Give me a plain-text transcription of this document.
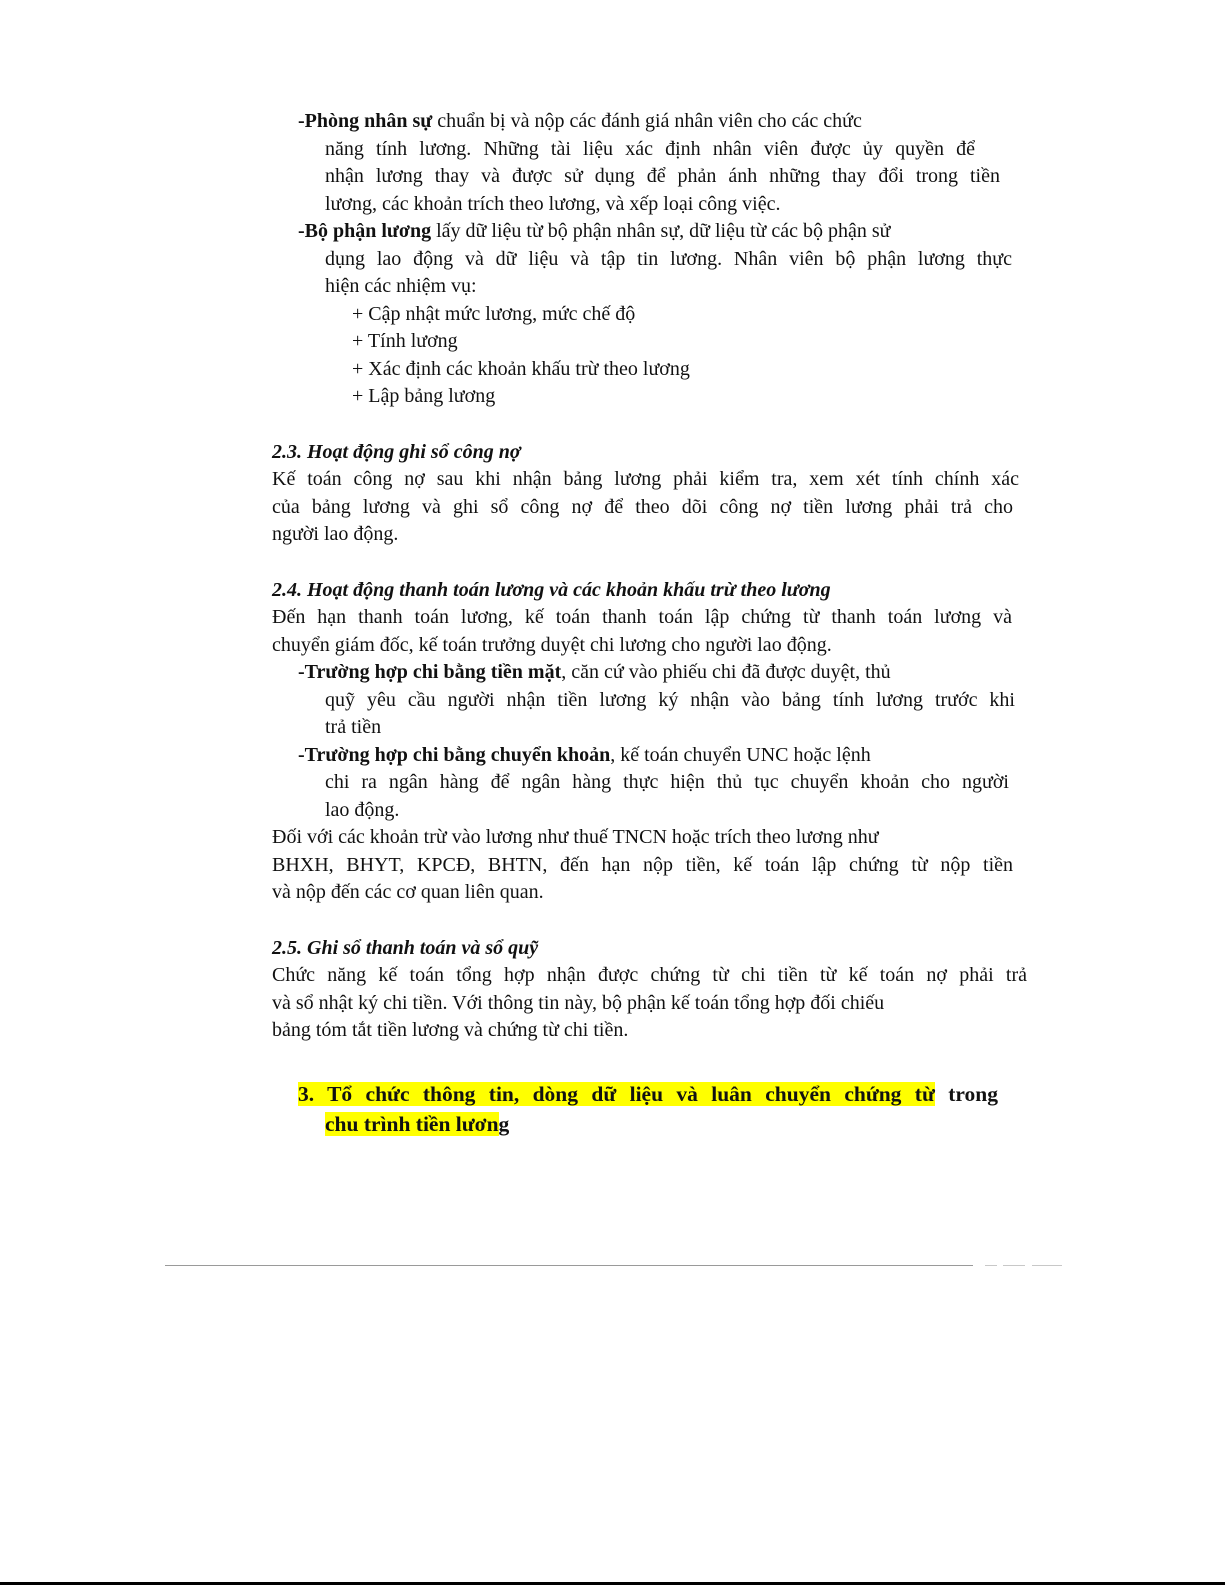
-Phòng nhân sự chuẩn bị và nộp các đánh giá nhân viên cho các chức
năng tính lương. Những tài liệu xác định nhân viên được ủy quyền để
nhận lương thay và được sử dụng để phản ánh những thay đổi trong tiền
lương, các khoản trích theo lương, và xếp loại công việc.
-Bộ phận lương lấy dữ liệu từ bộ phận nhân sự, dữ liệu từ các bộ phận sử
dụng lao động và dữ liệu và tập tin lương. Nhân viên bộ phận lương thực
hiện các nhiệm vụ:
+ Cập nhật mức lương, mức chế độ
+ Tính lương
+ Xác định các khoản khấu trừ theo lương
+ Lập bảng lương
2.3. Hoạt động ghi sổ công nợ
Kế toán công nợ sau khi nhận bảng lương phải kiểm tra, xem xét tính chính xác
của bảng lương và ghi sổ công nợ để theo dõi công nợ tiền lương phải trả cho
người lao động.
2.4. Hoạt động thanh toán lương và các khoản khấu trừ theo lương
Đến hạn thanh toán lương, kế toán thanh toán lập chứng từ thanh toán lương và
chuyển giám đốc, kế toán trưởng duyệt chi lương cho người lao động.
-Trường hợp chi bằng tiền mặt, căn cứ vào phiếu chi đã được duyệt, thủ
quỹ yêu cầu người nhận tiền lương ký nhận vào bảng tính lương trước khi
trả tiền
-Trường hợp chi bằng chuyển khoản, kế toán chuyển UNC hoặc lệnh
chi ra ngân hàng để ngân hàng thực hiện thủ tục chuyển khoản cho người
lao động.
Đối với các khoản trừ vào lương như thuế TNCN hoặc trích theo lương như
BHXH, BHYT, KPCĐ, BHTN, đến hạn nộp tiền, kế toán lập chứng từ nộp tiền
và nộp đến các cơ quan liên quan.
2.5. Ghi sổ thanh toán và sổ quỹ
Chức năng kế toán tổng hợp nhận được chứng từ chi tiền từ kế toán nợ phải trả
và sổ nhật ký chi tiền. Với thông tin này, bộ phận kế toán tổng hợp đối chiếu
bảng tóm tắt tiền lương và chứng từ chi tiền.
3. Tổ chức thông tin, dòng dữ liệu và luân chuyển chứng từ trong
chu trình tiền lương
